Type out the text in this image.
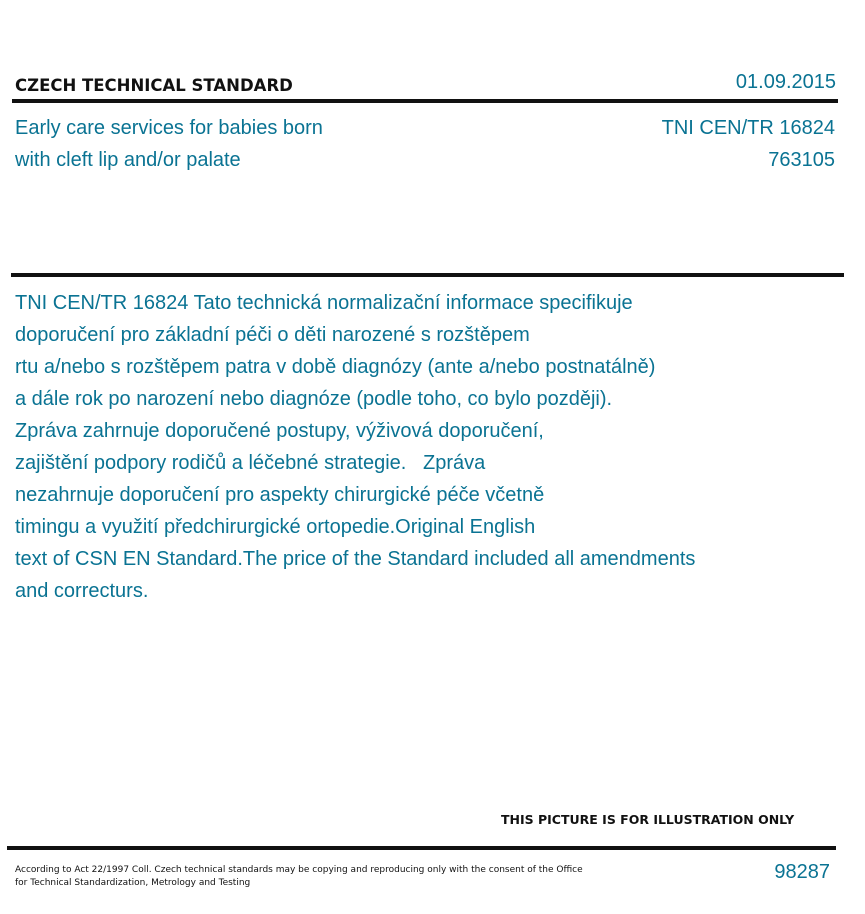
CZECH TECHNICAL STANDARD	01.09.2015
Early care services for babies born
with cleft lip and/or palate
TNI CEN/TR 16824
763105
TNI CEN/TR 16824 Tato technická normalizační informace specifikuje
doporučení pro základní péči o děti narozené s rozštěpem
rtu a/nebo s rozštěpem patra v době diagnózy (ante a/nebo postnatálně)
a dále rok po narození nebo diagnóze (podle toho, co bylo později).
Zpráva zahrnuje doporučené postupy, výživová doporučení,
zajištění podpory rodičů a léčebné strategie.   Zpráva
nezahrnuje doporučení pro aspekty chirurgické péče včetně
timingu a využití předchirurgické ortopedie.Original English
text of CSN EN Standard.The price of the Standard included all amendments
and correcturs.
THIS PICTURE IS FOR ILLUSTRATION ONLY
According to Act 22/1997 Coll. Czech technical standards may be copying and reproducing only with the consent of the Office
for Technical Standardization, Metrology and Testing	98287
